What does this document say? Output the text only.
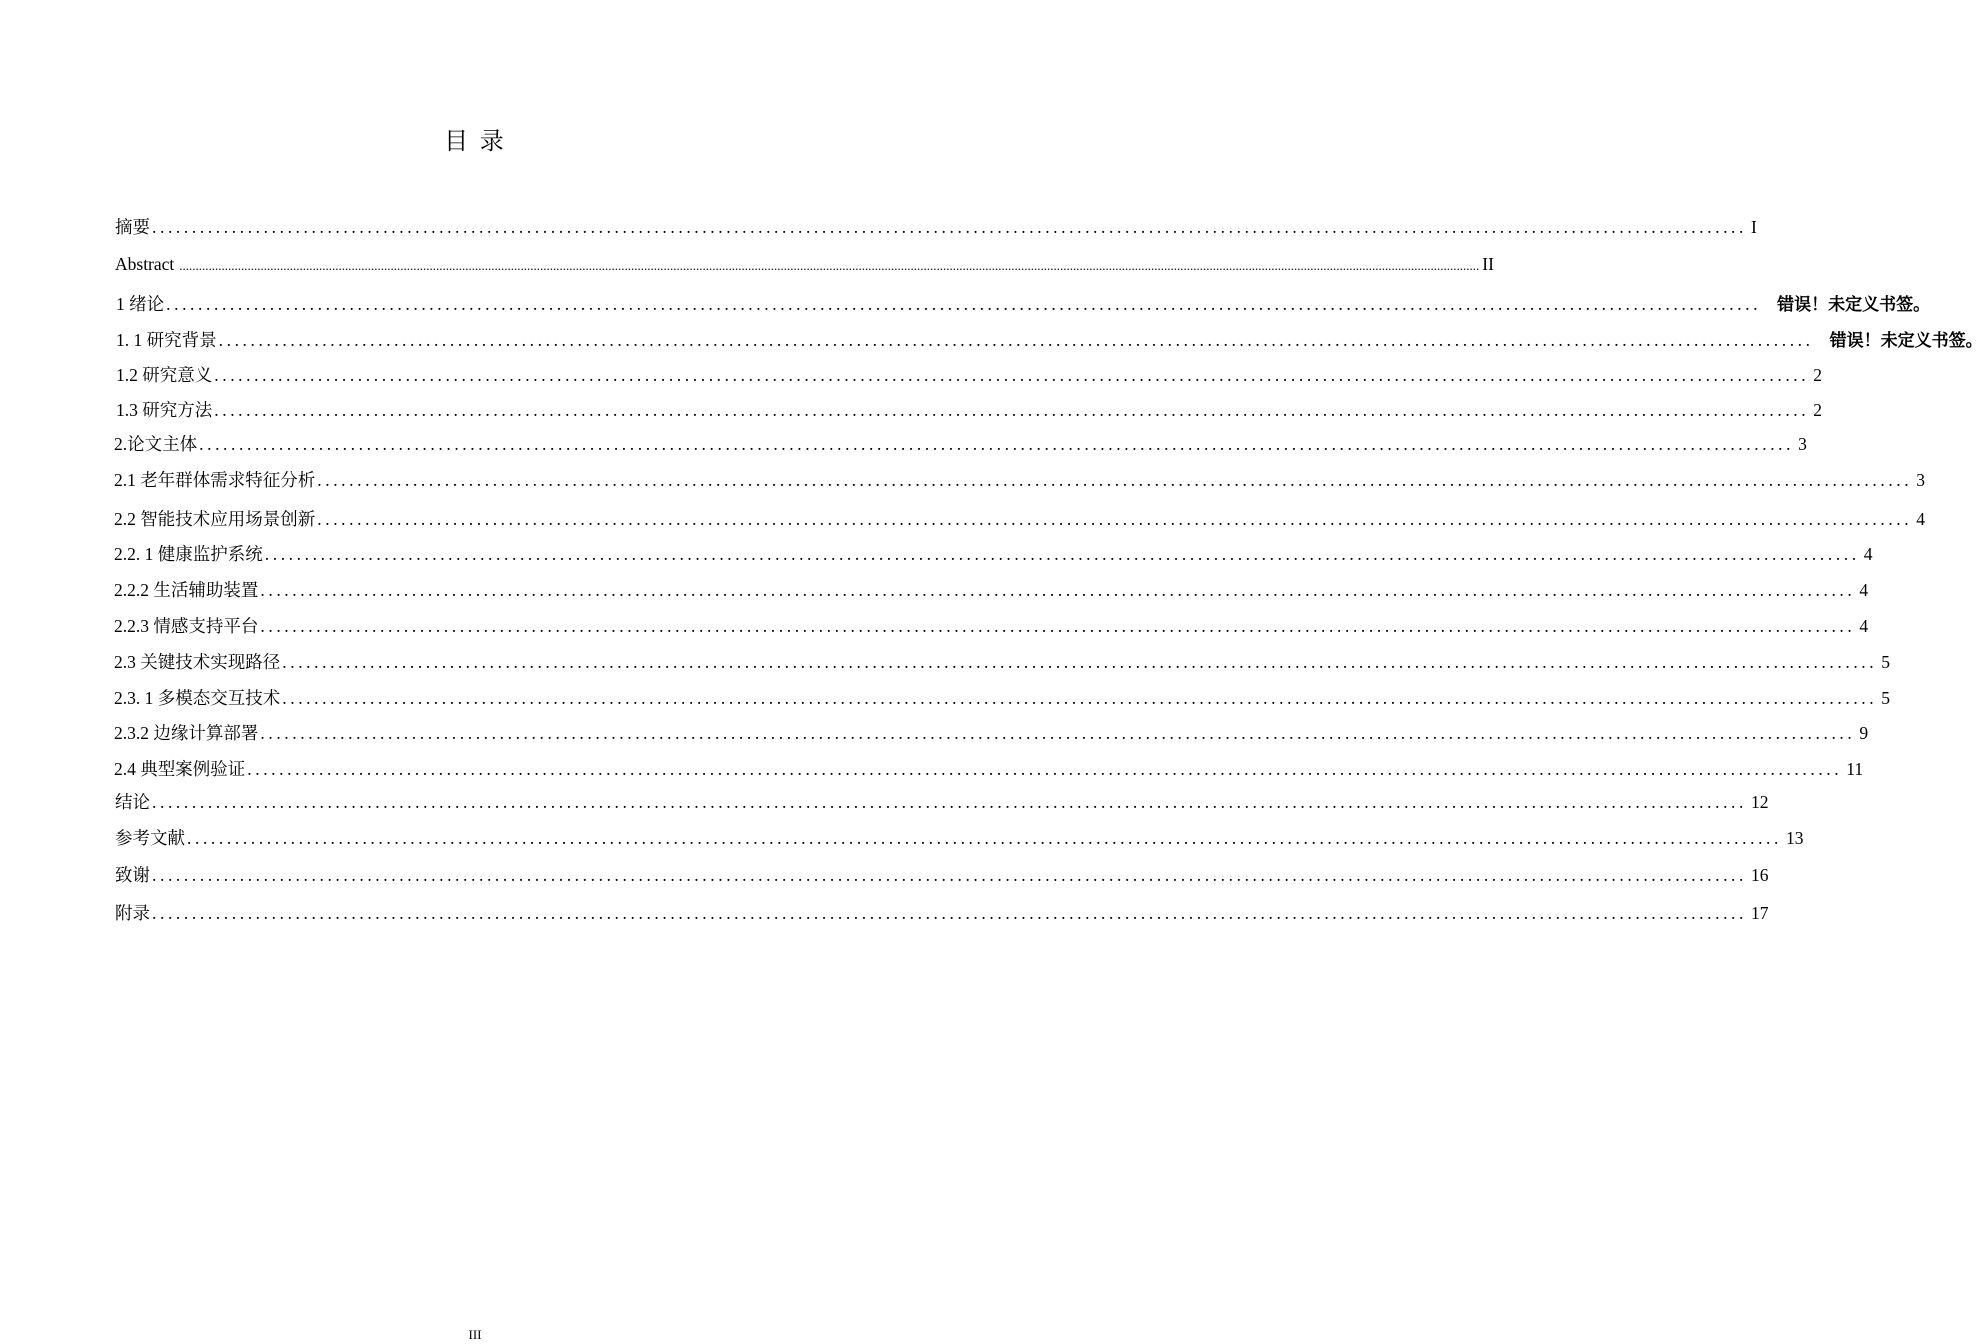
目 录
摘要 ........................................................................................................................................................................................................ I
Abstract ................................................................................................................................................................................................................................................................................................................................................................................................................ II
1 绪论 ........................................................................................................................................................................................................ 错误！未定义书签。
1. 1 研究背景 ........................................................................................................................................................................................................ 错误！未定义书签。
1.2 研究意义 ........................................................................................................................................................................................................ 2
1.3 研究方法 ........................................................................................................................................................................................................ 2
2.论文主体 ........................................................................................................................................................................................................ 3
2.1 老年群体需求特征分析 ........................................................................................................................................................................................................ 3
2.2 智能技术应用场景创新 ........................................................................................................................................................................................................ 4
2.2. 1 健康监护系统 ........................................................................................................................................................................................................ 4
2.2.2 生活辅助装置 ........................................................................................................................................................................................................ 4
2.2.3 情感支持平台 ........................................................................................................................................................................................................ 4
2.3 关键技术实现路径 ........................................................................................................................................................................................................ 5
2.3. 1 多模态交互技术 ........................................................................................................................................................................................................ 5
2.3.2 边缘计算部署 ........................................................................................................................................................................................................ 9
2.4 典型案例验证 ........................................................................................................................................................................................................ 11
结论 ........................................................................................................................................................................................................ 12
参考文献 ........................................................................................................................................................................................................ 13
致谢 ........................................................................................................................................................................................................ 16
附录 ........................................................................................................................................................................................................ 17
III
